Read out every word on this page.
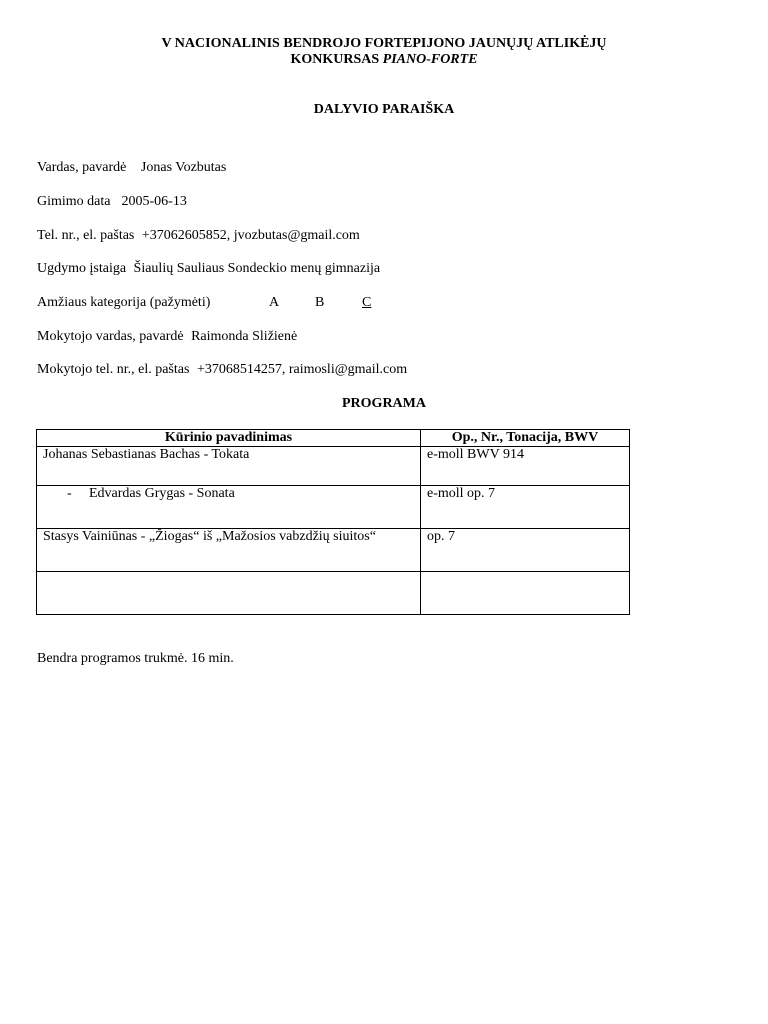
V NACIONALINIS BENDROJO FORTEPIJONO JAUNŲJŲ ATLIKĖJŲ
KONKURSAS PIANO-FORTE
DALYVIO PARAIŠKA
Vardas, pavardė Jonas Vozbutas
Gimimo data 2005-06-13
Tel. nr., el. paštas +37062605852, jvozbutas@gmail.com
Ugdymo įstaiga Šiaulių Sauliaus Sondeckio menų gimnazija
Amžiaus kategorija (pažymėti)	A	B	C
Mokytojo vardas, pavardė Raimonda Sližienė
Mokytojo tel. nr., el. paštas +37068514257, raimosli@gmail.com
PROGRAMA
Kūrinio pavadinimas	Op., Nr., Tonacija, BWV
Johanas Sebastianas Bachas - Tokata	e-moll BWV 914
- Edvardas Grygas - Sonata	e-moll op. 7
Stasys Vainiūnas - „Žiogas“ iš „Mažosios vabzdžių siuitos“	op. 7

Bendra programos trukmė. 16 min.
